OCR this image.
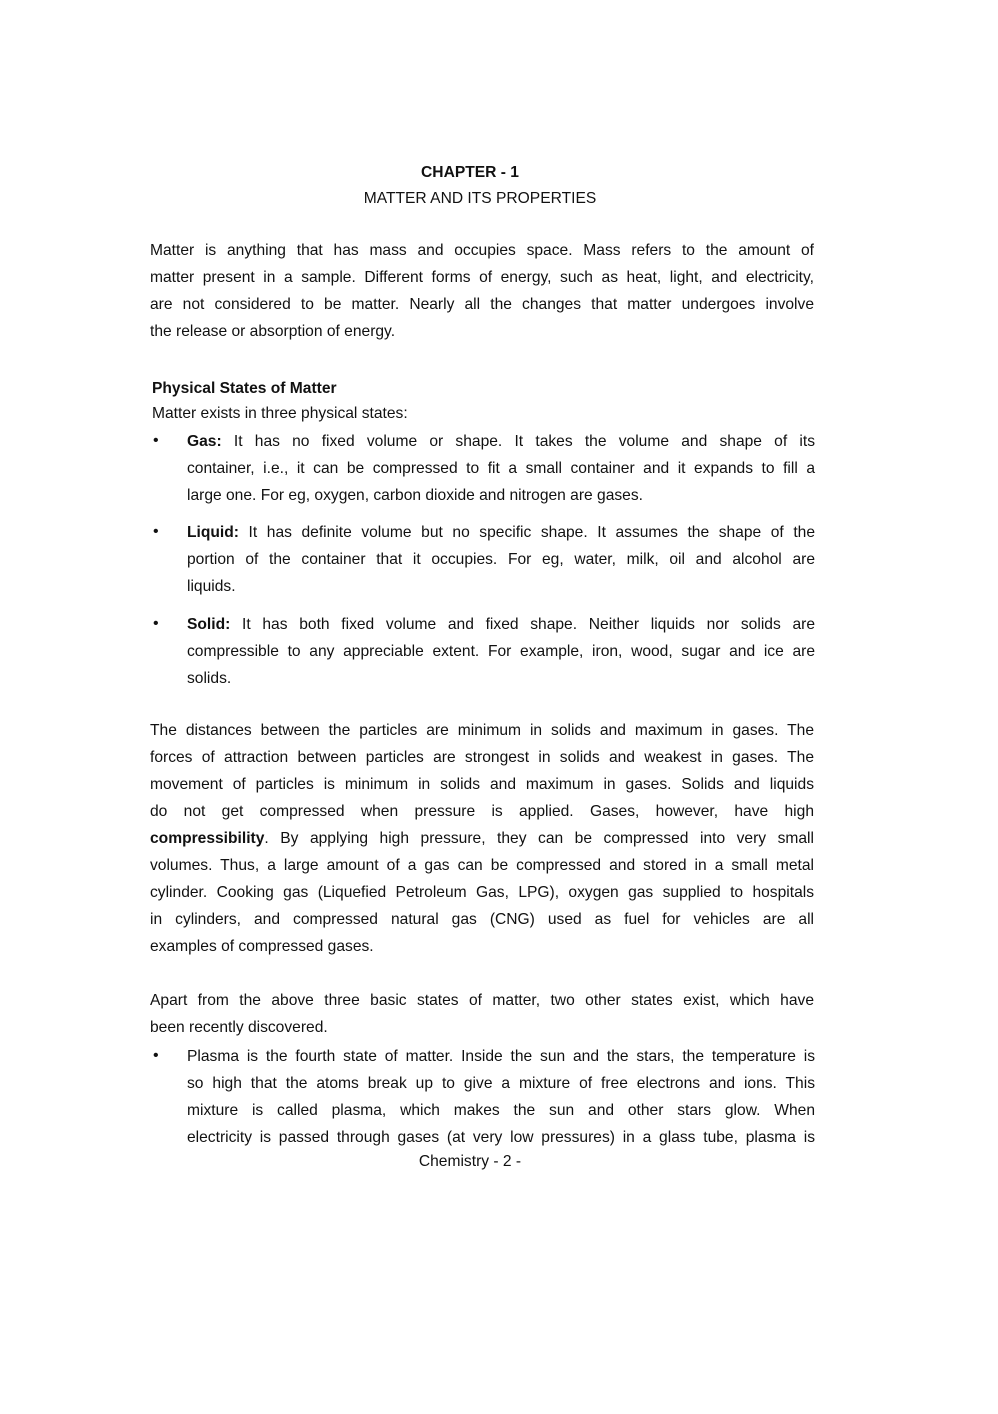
CHAPTER - 1
MATTER AND ITS PROPERTIES
Physical States of Matter
Matter exists in three physical states:
Chemistry - 2 -
Matter is anything that has mass and occupies space. Mass refers to the amount of
matter present in a sample. Different forms of energy, such as heat, light, and electricity,
are not considered to be matter. Nearly all the changes that matter undergoes involve
the release or absorption of energy.
• Gas: It has no fixed volume or shape. It takes the volume and shape of its
container, i.e., it can be compressed to fit a small container and it expands to fill a
large one. For eg, oxygen, carbon dioxide and nitrogen are gases.
• Liquid: It has definite volume but no specific shape. It assumes the shape of the
portion of the container that it occupies. For eg, water, milk, oil and alcohol are
liquids.
• Solid: It has both fixed volume and fixed shape. Neither liquids nor solids are
compressible to any appreciable extent. For example, iron, wood, sugar and ice are
solids.
The distances between the particles are minimum in solids and maximum in gases. The
forces of attraction between particles are strongest in solids and weakest in gases. The
movement of particles is minimum in solids and maximum in gases. Solids and liquids
do not get compressed when pressure is applied. Gases, however, have high
compressibility. By applying high pressure, they can be compressed into very small
volumes. Thus, a large amount of a gas can be compressed and stored in a small metal
cylinder. Cooking gas (Liquefied Petroleum Gas, LPG), oxygen gas supplied to hospitals
in cylinders, and compressed natural gas (CNG) used as fuel for vehicles are all
examples of compressed gases.
Apart from the above three basic states of matter, two other states exist, which have
been recently discovered.
• Plasma is the fourth state of matter. Inside the sun and the stars, the temperature is
so high that the atoms break up to give a mixture of free electrons and ions. This
mixture is called plasma, which makes the sun and other stars glow. When
electricity is passed through gases (at very low pressures) in a glass tube, plasma is
